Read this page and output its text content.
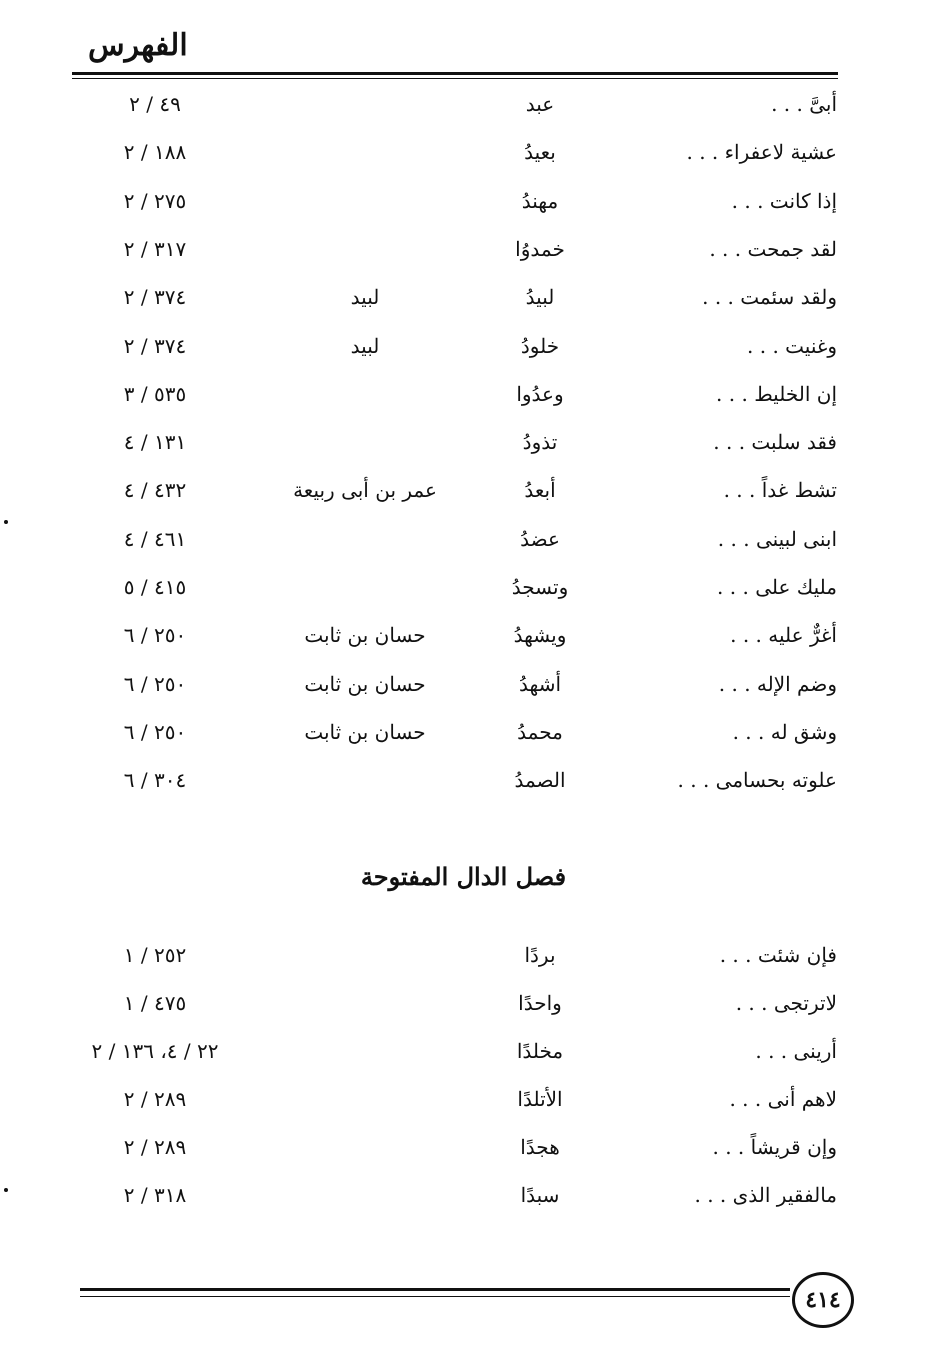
الفهرس
فصل الدال المفتوحة
أبىَّ . . .
عبد
٤٩ / ٢
عشية لاعفراء . . .
بعيدُ
١٨٨ / ٢
إذا كانت . . .
مهندُ
٢٧٥ / ٢
لقد جمحت . . .
خمدوُا
٣١٧ / ٢
ولقد سئمت . . .
لبيدُ
لبيد
٣٧٤ / ٢
وغنيت . . .
خلودُ
لبيد
٣٧٤ / ٢
إن الخليط . . .
وعدُوا
٥٣٥ / ٣
فقد سلبت . . .
تذودُ
١٣١ / ٤
تشط غداً . . .
أبعدُ
عمر بن أبى ربيعة
٤٣٢ / ٤
ابنى لبينى . . .
عضدُ
٤٦١ / ٤
مليك على . . .
وتسجدُ
٤١٥ / ٥
أغرٌّ عليه . . .
ويشهدُ
حسان بن ثابت
٢٥٠ / ٦
وضم الإله . . .
أشهدُ
حسان بن ثابت
٢٥٠ / ٦
وشق له . . .
محمدُ
حسان بن ثابت
٢٥٠ / ٦
علوته بحسامى . . .
الصمدُ
٣٠٤ / ٦
فإن شئت . . .
بردًا
٢٥٢ / ١
لاترتجى . . .
واحدًا
٤٧٥ / ١
أرينى . . .
مخلدًا
٢٢ / ٤، ١٣٦ / ٢
لاهم أنى . . .
الأتلدًا
٢٨٩ / ٢
وإن قريشاً . . .
هجدًا
٢٨٩ / ٢
مالفقير الذى . . .
سبدًا
٣١٨ / ٢
٤١٤
